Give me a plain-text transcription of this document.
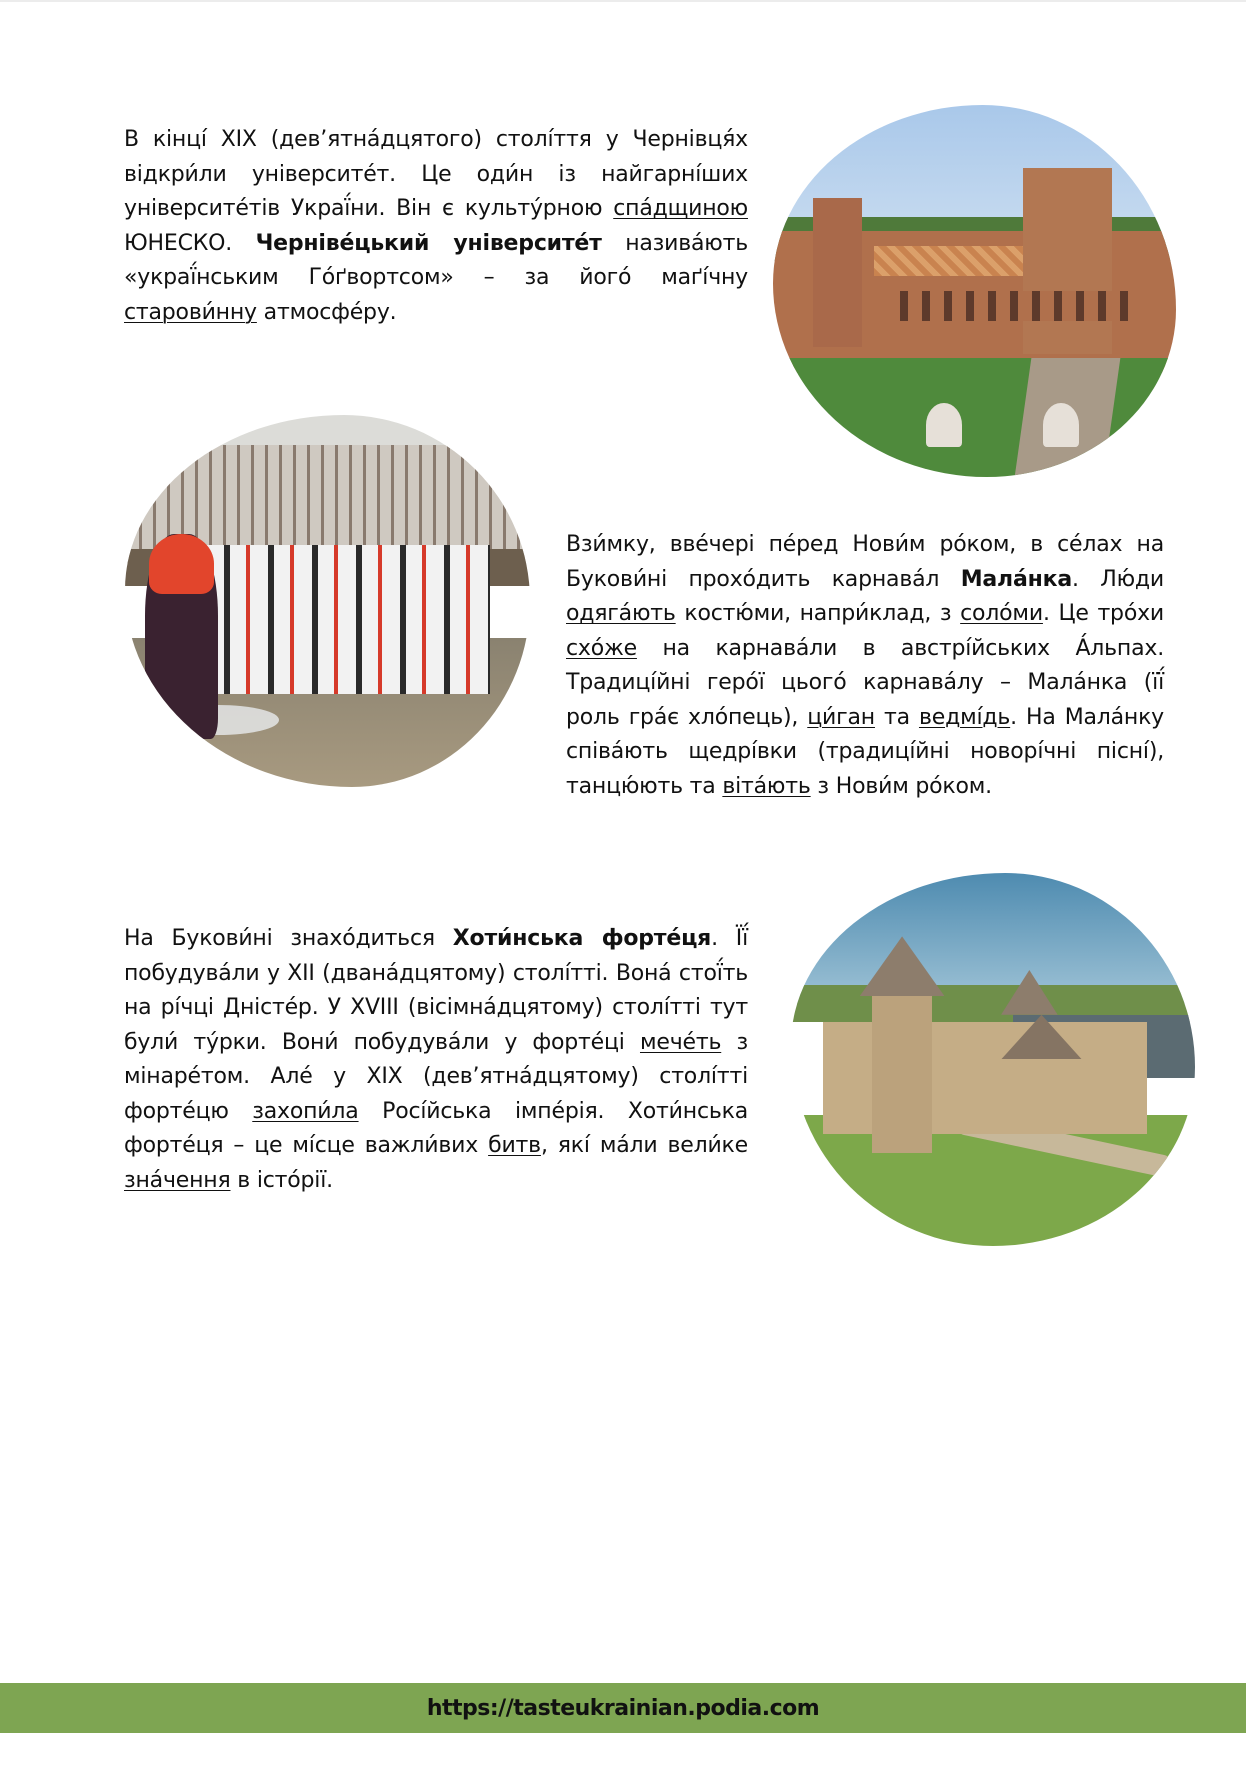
В кінці́ XIX (дев’ятна́дцятого) столі́ття у Чернівця́х відкри́ли університе́т. Це оди́н із найгарні́ших університе́тів Украї́ни. Він є культу́рною спа́дщиною ЮНЕСКО. Черніве́цький університе́т назива́ють «украї́нським Го́ґвортсом» – за його́ маґі́чну старови́нну атмосфе́ру.

Взи́мку, вве́чері пе́ред Нови́м ро́ком, в се́лах на Букови́ні прохо́дить карнава́л Мала́нка. Лю́ди одяга́ють костю́ми, напри́клад, з соло́ми. Це тро́хи схо́же на карнава́ли в австрі́йських А́льпах. Традиці́йні геро́ї цього́ карнава́лу – Мала́нка (її́ роль гра́є хло́пець), ци́ган та ведмі́дь. На Мала́нку співа́ють щедрі́вки (традиці́йні новорі́чні пісні́), танцю́ють та віта́ють з Нови́м ро́ком.

На Букови́ні знахо́диться Хоти́нська форте́ця. Її́ побудува́ли у XII (двана́дцятому) столі́тті. Вона́ стої́ть на рі́чці Дністе́р. У XVIII (вісімна́дцятому) столі́тті тут були́ ту́рки. Вони́ побудува́ли у форте́ці мече́ть з мінаре́том. Але́ у XIX (дев’ятна́дцятому) столі́тті форте́цю захопи́ла Росі́йська імпе́рія. Хоти́нська форте́ця – це мі́сце важли́вих битв, які́ ма́ли вели́ке зна́чення в істо́рії.

https://tasteukrainian.podia.com
